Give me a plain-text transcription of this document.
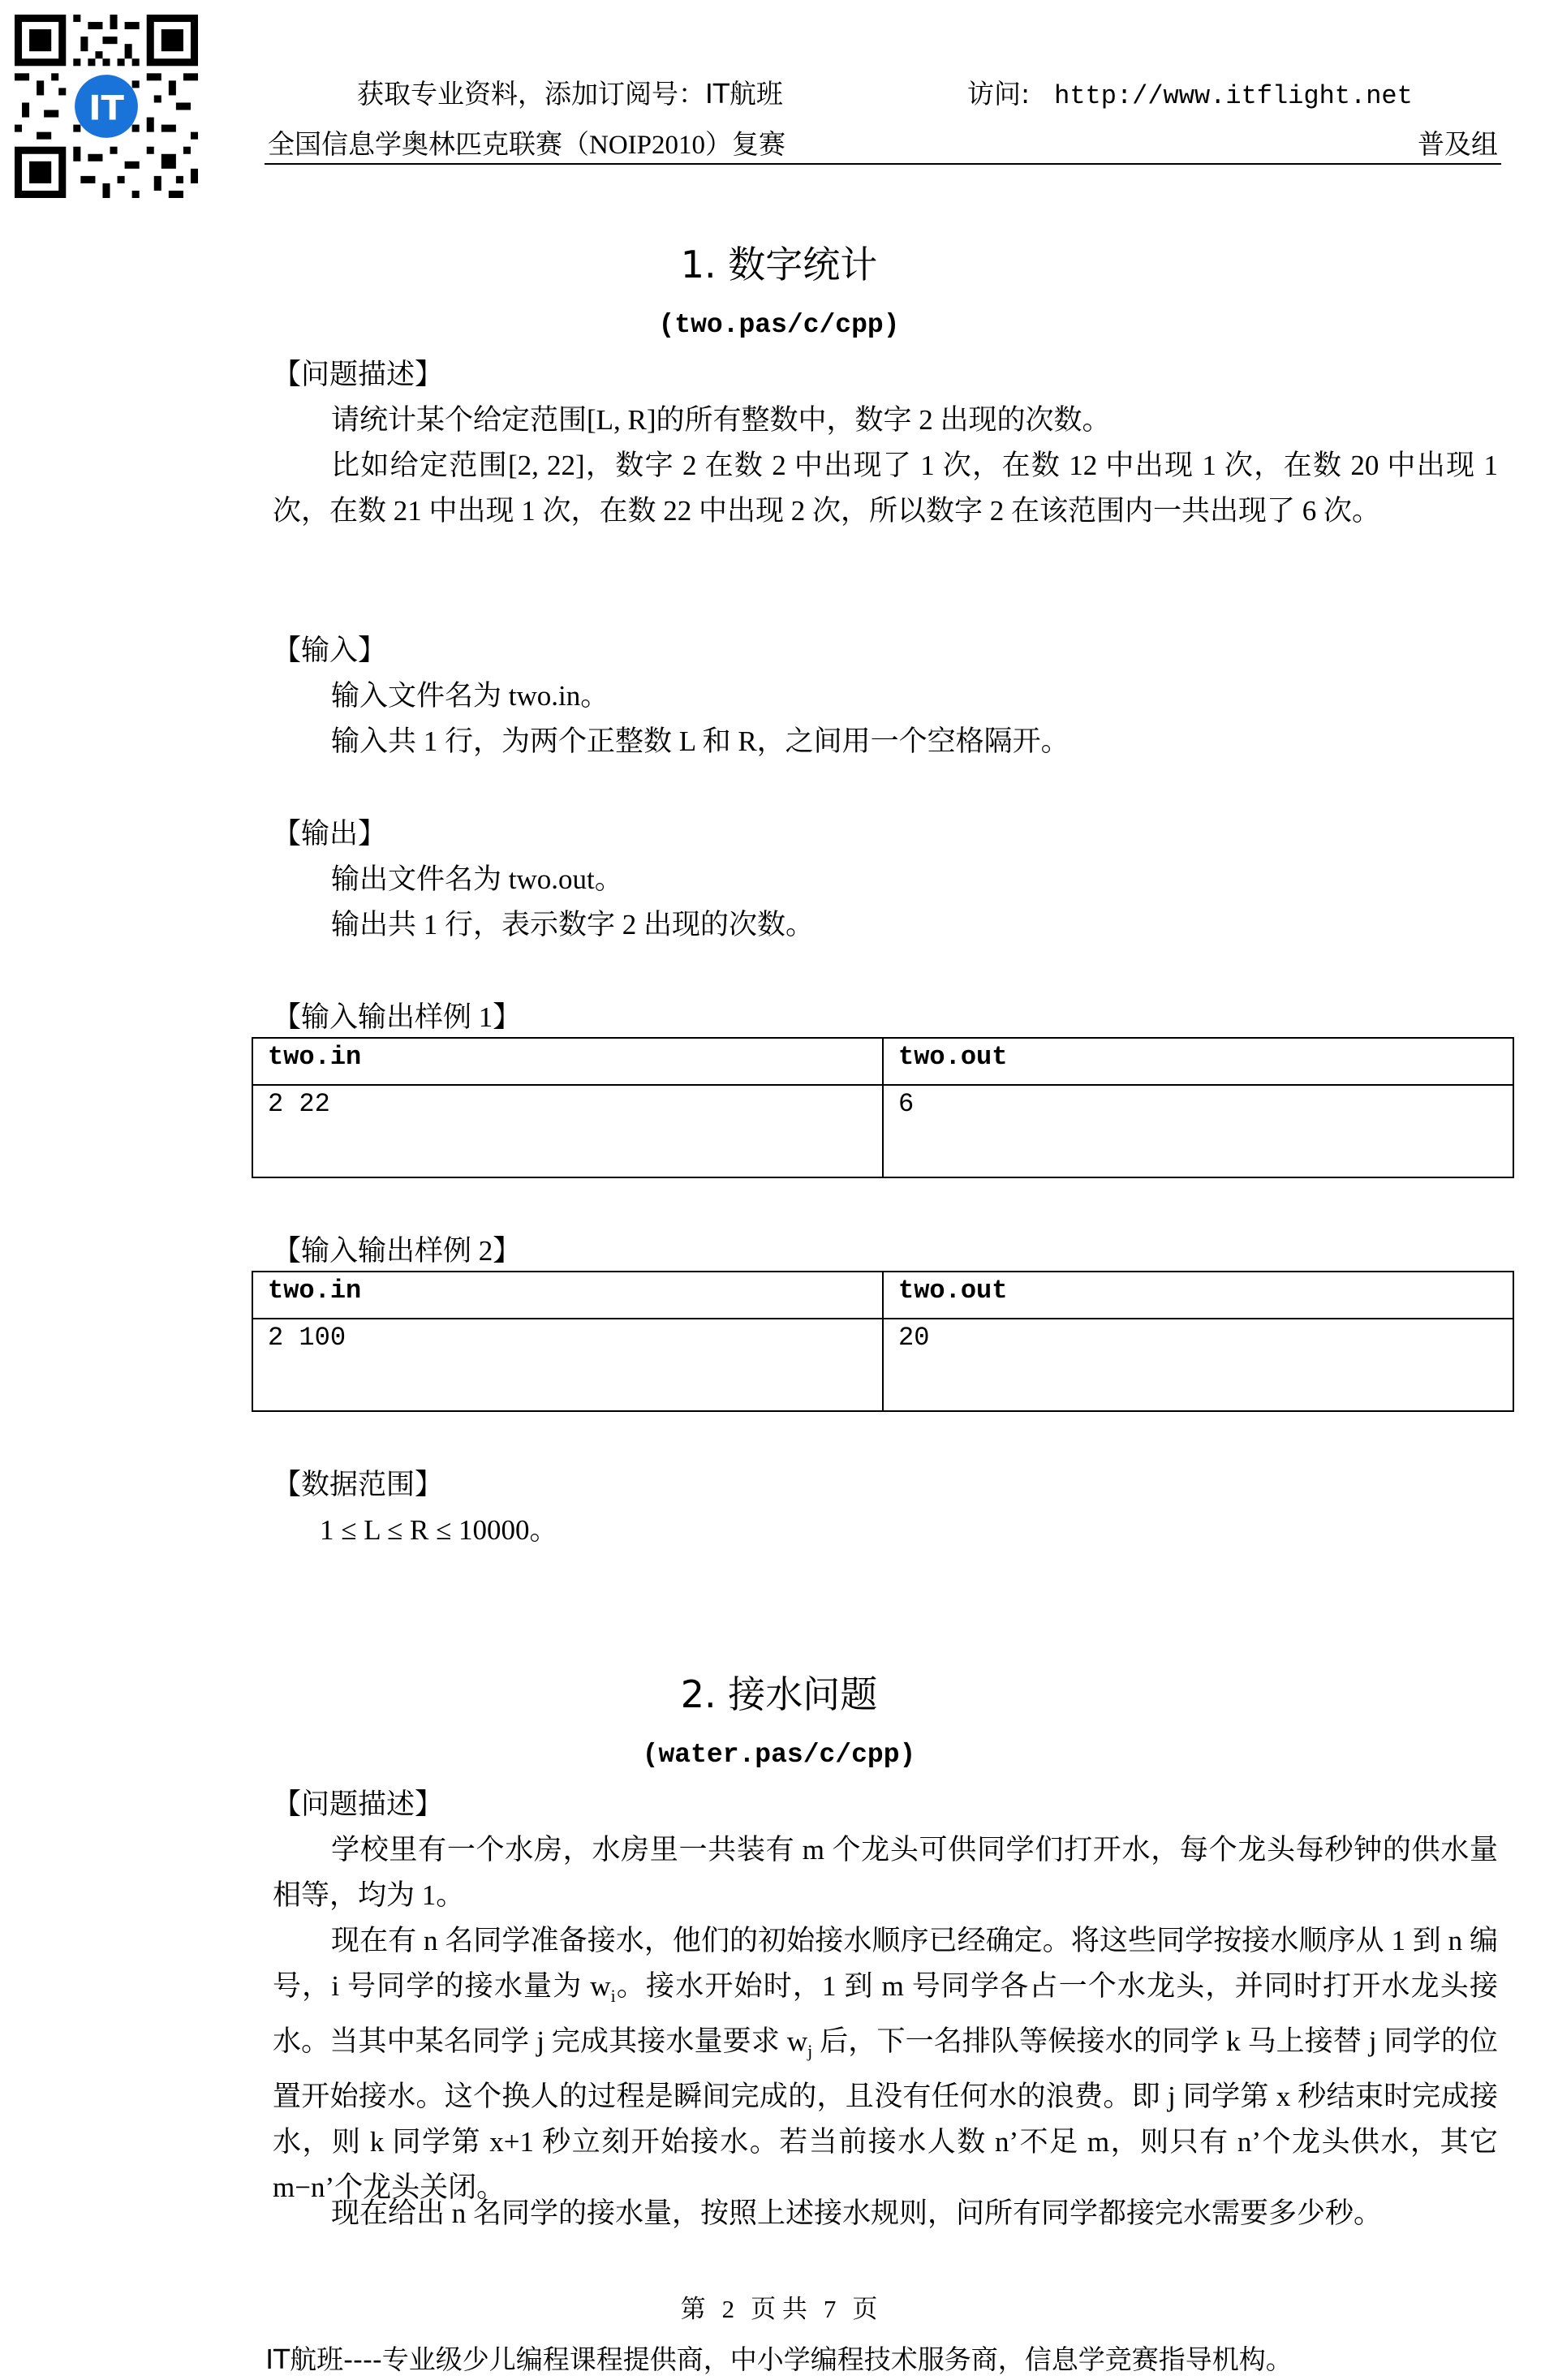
IT	获取专业资料，添加订阅号：IT航班	访问: http://www.itflight.net
全国信息学奥林匹克联赛（NOIP2010）复赛	普及组
1. 数字统计
(two.pas/c/cpp)
【问题描述】
请统计某个给定范围[L, R]的所有整数中，数字 2 出现的次数。
比如给定范围[2, 22]，数字 2 在数 2 中出现了 1 次，在数 12 中出现 1 次，在数 20 中出现 1 次，在数 21 中出现 1 次，在数 22 中出现 2 次，所以数字 2 在该范围内一共出现了 6 次。
【输入】
输入文件名为 two.in。
输入共 1 行，为两个正整数 L 和 R，之间用一个空格隔开。
【输出】
输出文件名为 two.out。
输出共 1 行，表示数字 2 出现的次数。
【输入输出样例 1】
two.in	two.out
2 22	6
【输入输出样例 2】
two.in	two.out
2 100	20
【数据范围】
1 ≤ L ≤ R ≤ 10000。
2. 接水问题
(water.pas/c/cpp)
【问题描述】
学校里有一个水房，水房里一共装有 m 个龙头可供同学们打开水，每个龙头每秒钟的供水量相等，均为 1。
现在有 n 名同学准备接水，他们的初始接水顺序已经确定。将这些同学按接水顺序从 1 到 n 编号，i 号同学的接水量为 $w_i$。接水开始时，1 到 m 号同学各占一个水龙头，并同时打开水龙头接水。当其中某名同学 j 完成其接水量要求 $w_j$ 后，下一名排队等候接水的同学 k 马上接替 j 同学的位置开始接水。这个换人的过程是瞬间完成的，且没有任何水的浪费。即 j 同学第 x 秒结束时完成接水，则 k 同学第 x+1 秒立刻开始接水。若当前接水人数 n’不足 m，则只有 n’个龙头供水，其它 m−n’个龙头关闭。
现在给出 n 名同学的接水量，按照上述接水规则，问所有同学都接完水需要多少秒。
第 2 页 共 7 页
IT航班----专业级少儿编程课程提供商，中小学编程技术服务商，信息学竞赛指导机构。
